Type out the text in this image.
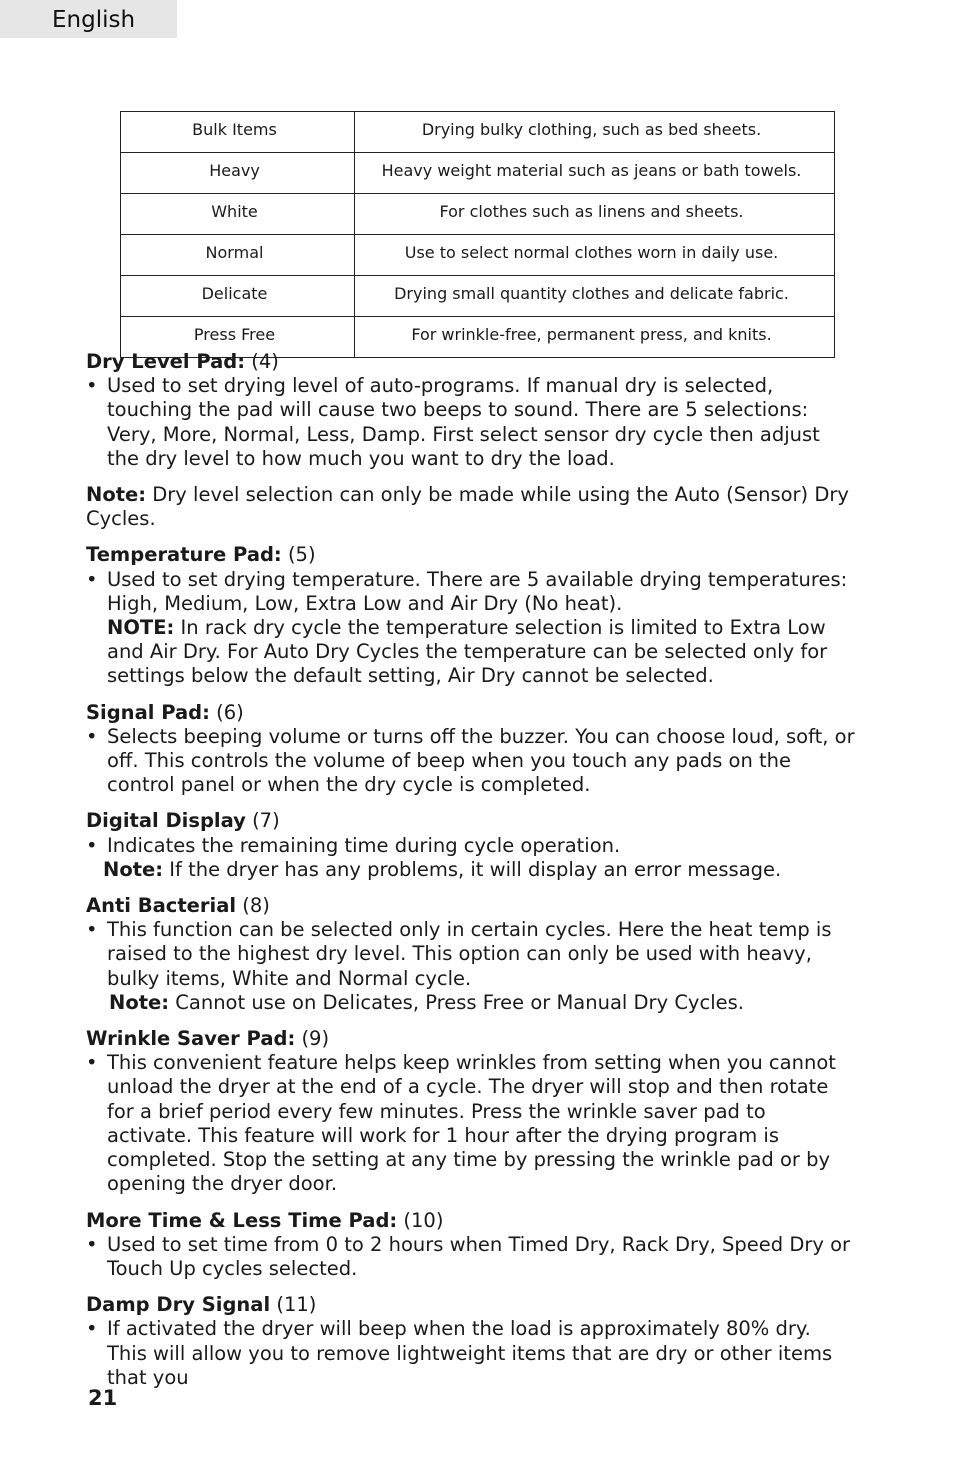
English
Bulk Items	Drying bulky clothing, such as bed sheets.
Heavy	Heavy weight material such as jeans or bath towels.
White	For clothes such as linens and sheets.
Normal	Use to select normal clothes worn in daily use.
Delicate	Drying small quantity clothes and delicate fabric.
Press Free	For wrinkle-free, permanent press, and knits.
Dry Level Pad: (4)
• Used to set drying level of auto-programs. If manual dry is selected, touching the pad will cause two beeps to sound. There are 5 selections: Very, More, Normal, Less, Damp. First select sensor dry cycle then adjust the dry level to how much you want to dry the load.
Note: Dry level selection can only be made while using the Auto (Sensor) Dry Cycles.
Temperature Pad: (5)
• Used to set drying temperature. There are 5 available drying temperatures: High, Medium, Low, Extra Low and Air Dry (No heat).
NOTE: In rack dry cycle the temperature selection is limited to Extra Low and Air Dry. For Auto Dry Cycles the temperature can be selected only for settings below the default setting, Air Dry cannot be selected.
Signal Pad: (6)
• Selects beeping volume or turns off the buzzer. You can choose loud, soft, or off. This controls the volume of beep when you touch any pads on the control panel or when the dry cycle is completed.
Digital Display (7)
• Indicates the remaining time during cycle operation.
Note: If the dryer has any problems, it will display an error message.
Anti Bacterial (8)
• This function can be selected only in certain cycles. Here the heat temp is raised to the highest dry level. This option can only be used with heavy, bulky items, White and Normal cycle.
Note: Cannot use on Delicates, Press Free or Manual Dry Cycles.
Wrinkle Saver Pad: (9)
• This convenient feature helps keep wrinkles from setting when you cannot unload the dryer at the end of a cycle. The dryer will stop and then rotate for a brief period every few minutes. Press the wrinkle saver pad to activate. This feature will work for 1 hour after the drying program is completed. Stop the setting at any time by pressing the wrinkle pad or by opening the dryer door.
More Time & Less Time Pad: (10)
• Used to set time from 0 to 2 hours when Timed Dry, Rack Dry, Speed Dry or Touch Up cycles selected.
Damp Dry Signal (11)
• If activated the dryer will beep when the load is approximately 80% dry. This will allow you to remove lightweight items that are dry or other items that you
21
